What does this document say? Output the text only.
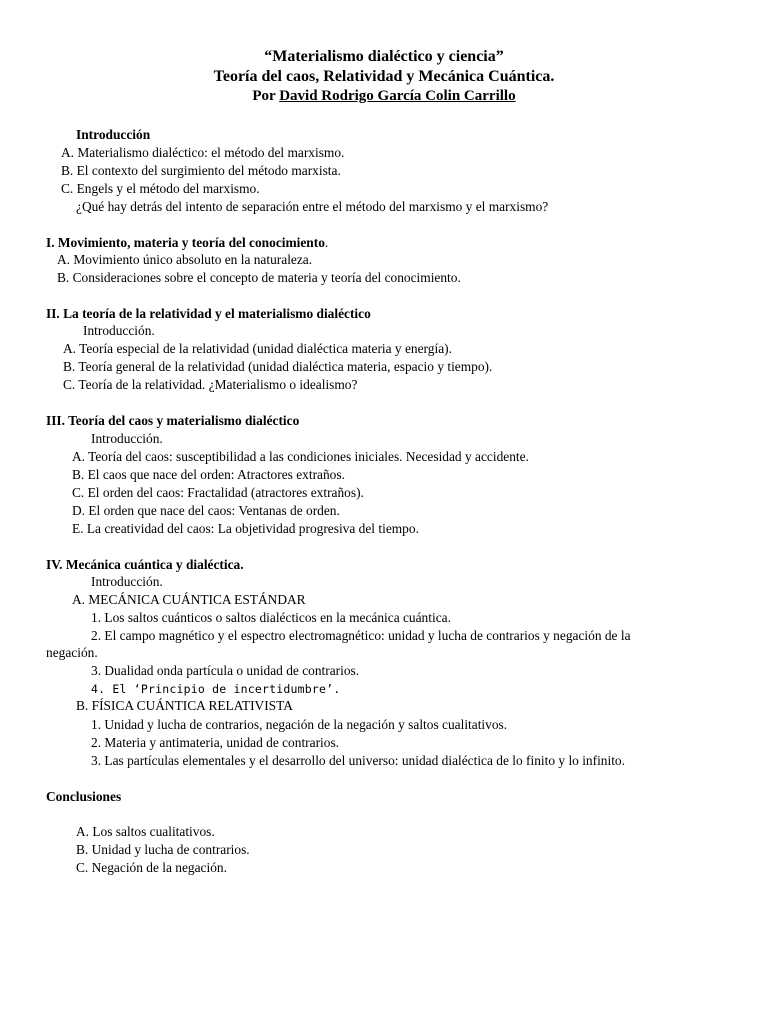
“Materialismo dialéctico y ciencia”
Teoría del caos, Relatividad y Mecánica Cuántica.
Por David Rodrigo García Colin Carrillo
Introducción
A. Materialismo dialéctico: el método del marxismo.
B. El contexto del surgimiento del método marxista.
C. Engels y el método del marxismo.
¿Qué hay detrás del intento de separación entre el método del marxismo y el marxismo?
I. Movimiento, materia y teoría del conocimiento.
A. Movimiento único absoluto en la naturaleza.
B. Consideraciones sobre el concepto de materia y teoría del conocimiento.
II. La teoría de la relatividad y el materialismo dialéctico
Introducción.
A. Teoría especial de la relatividad (unidad dialéctica materia y energía).
B. Teoría general de la relatividad (unidad dialéctica materia, espacio y tiempo).
C. Teoría de la relatividad. ¿Materialismo o idealismo?
III. Teoría del caos y materialismo dialéctico
Introducción.
A. Teoría del caos: susceptibilidad a las condiciones iniciales. Necesidad y accidente.
B. El caos que nace del orden: Atractores extraños.
C. El orden del caos: Fractalidad (atractores extraños).
D. El orden que nace del caos: Ventanas de orden.
E. La creatividad del caos: La objetividad progresiva del tiempo.
IV. Mecánica cuántica y dialéctica.
Introducción.
A. MECÁNICA CUÁNTICA ESTÁNDAR
1. Los saltos cuánticos o saltos dialécticos en la mecánica cuántica.
2. El campo magnético y el espectro electromagnético: unidad y lucha de contrarios y negación de la
negación.
3. Dualidad onda partícula o unidad de contrarios.
4. El ‘Principio de incertidumbre’.
B. FÍSICA CUÁNTICA RELATIVISTA
1. Unidad y lucha de contrarios, negación de la negación y saltos cualitativos.
2. Materia y antimateria, unidad de contrarios.
3. Las partículas elementales y el desarrollo del universo: unidad dialéctica de lo finito y lo infinito.
Conclusiones
A. Los saltos cualitativos.
B. Unidad y lucha de contrarios.
C. Negación de la negación.
